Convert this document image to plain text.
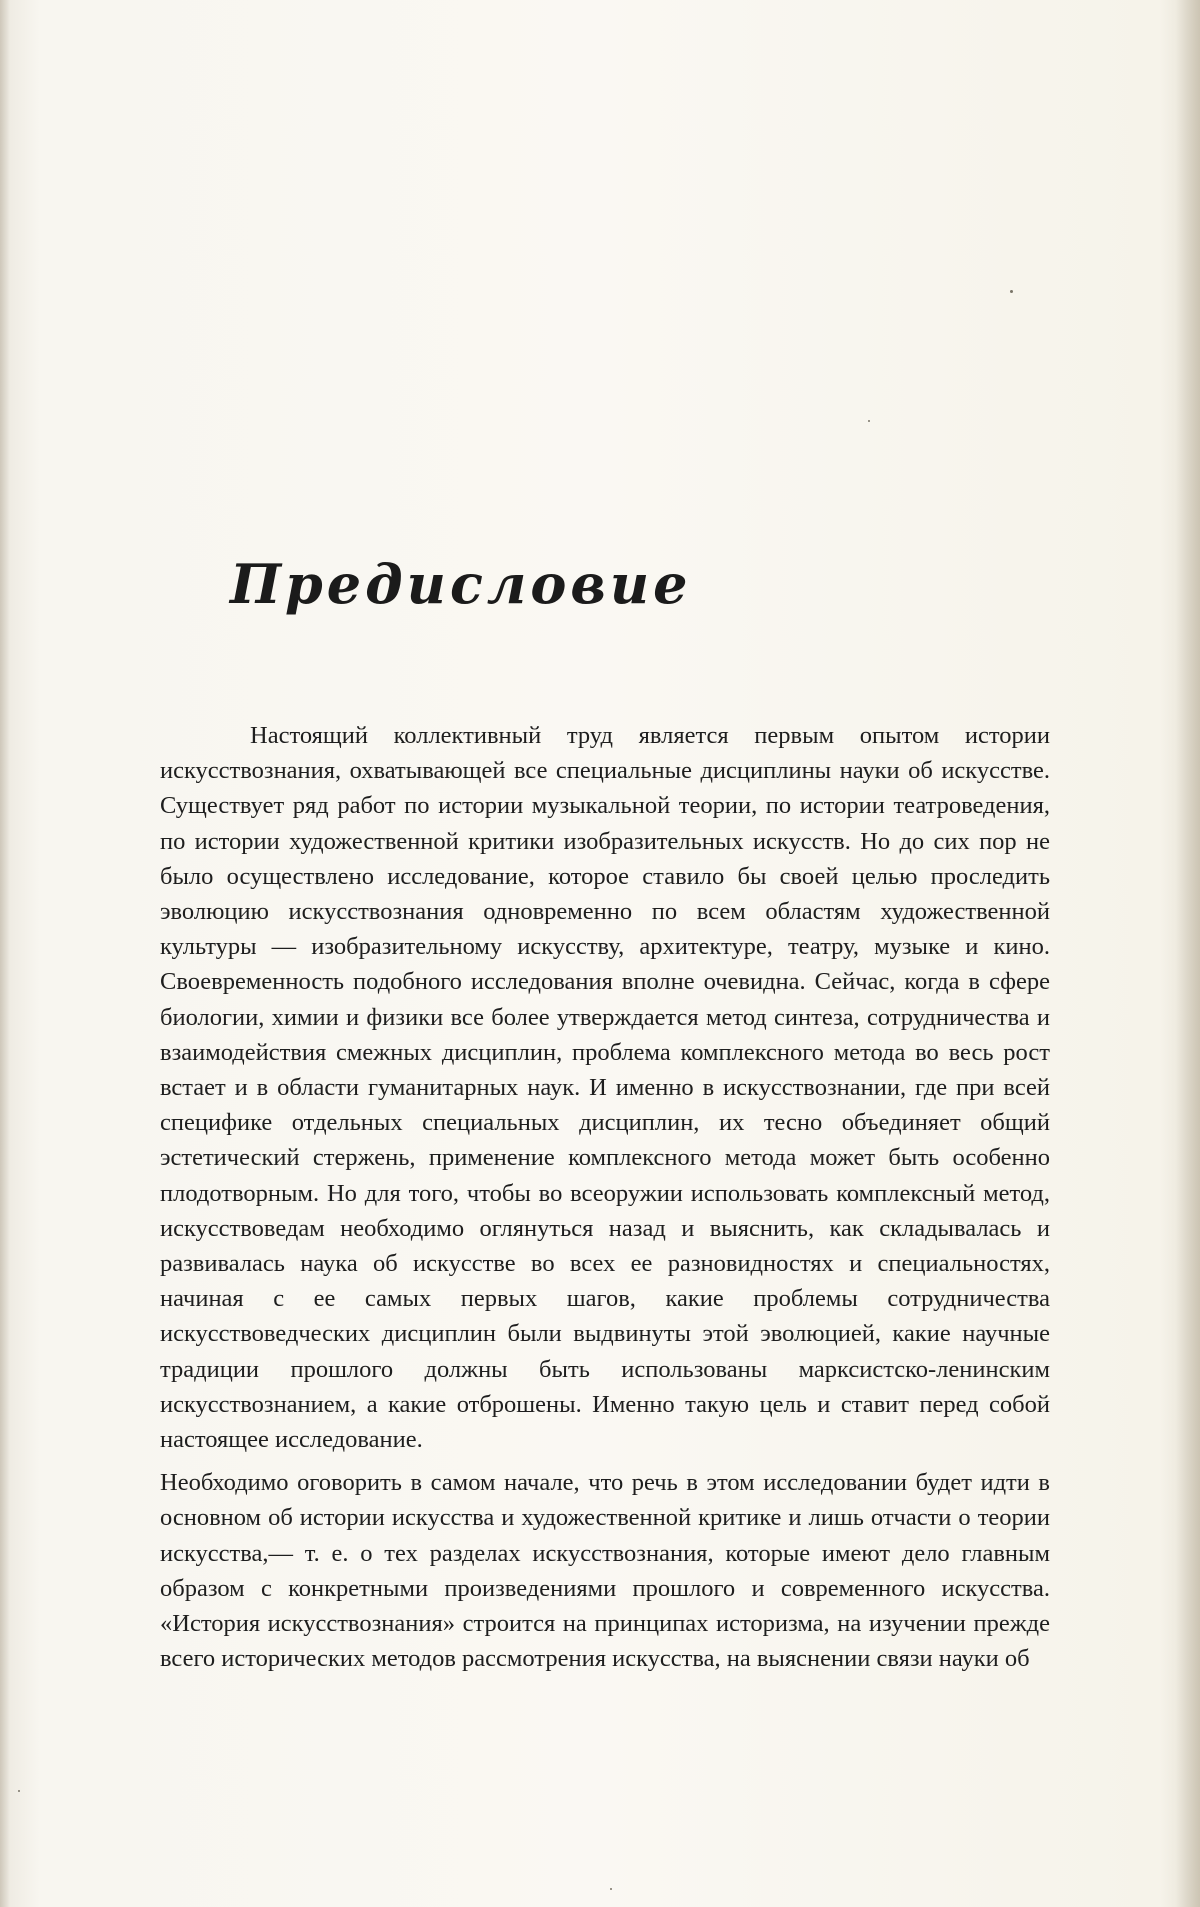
Предисловие

Настоящий коллективный труд является первым опытом истории искусствознания, охватывающей все специальные дисциплины науки об искусстве. Существует ряд работ по истории музыкальной теории, по истории театроведения, по истории художественной критики изобразительных искусств. Но до сих пор не было осуществлено исследование, которое ставило бы своей целью проследить эволюцию искусствознания одновременно по всем областям художественной культуры — изобразительному искусству, архитектуре, театру, музыке и кино. Своевременность подобного исследования вполне очевидна. Сейчас, когда в сфере биологии, химии и физики все более утверждается метод синтеза, сотрудничества и взаимодействия смежных дисциплин, проблема комплексного метода во весь рост встает и в области гуманитарных наук. И именно в искусствознании, где при всей специфике отдельных специальных дисциплин, их тесно объединяет общий эстетический стержень, применение комплексного метода может быть особенно плодотворным. Но для того, чтобы во всеоружии использовать комплексный метод, искусствоведам необходимо оглянуться назад и выяснить, как складывалась и развивалась наука об искусстве во всех ее разновидностях и специальностях, начиная с ее самых первых шагов, какие проблемы сотрудничества искусствоведческих дисциплин были выдвинуты этой эволюцией, какие научные традиции прошлого должны быть использованы марксистско-ленинским искусствознанием, а какие отброшены. Именно такую цель и ставит перед собой настоящее исследование.

Необходимо оговорить в самом начале, что речь в этом исследовании будет идти в основном об истории искусства и художественной критике и лишь отчасти о теории искусства,— т. е. о тех разделах искусствознания, которые имеют дело главным образом с конкретными произведениями прошлого и современного искусства. «История искусствознания» строится на принципах историзма, на изучении прежде всего исторических методов рассмотрения искусства, на выяснении связи науки об
